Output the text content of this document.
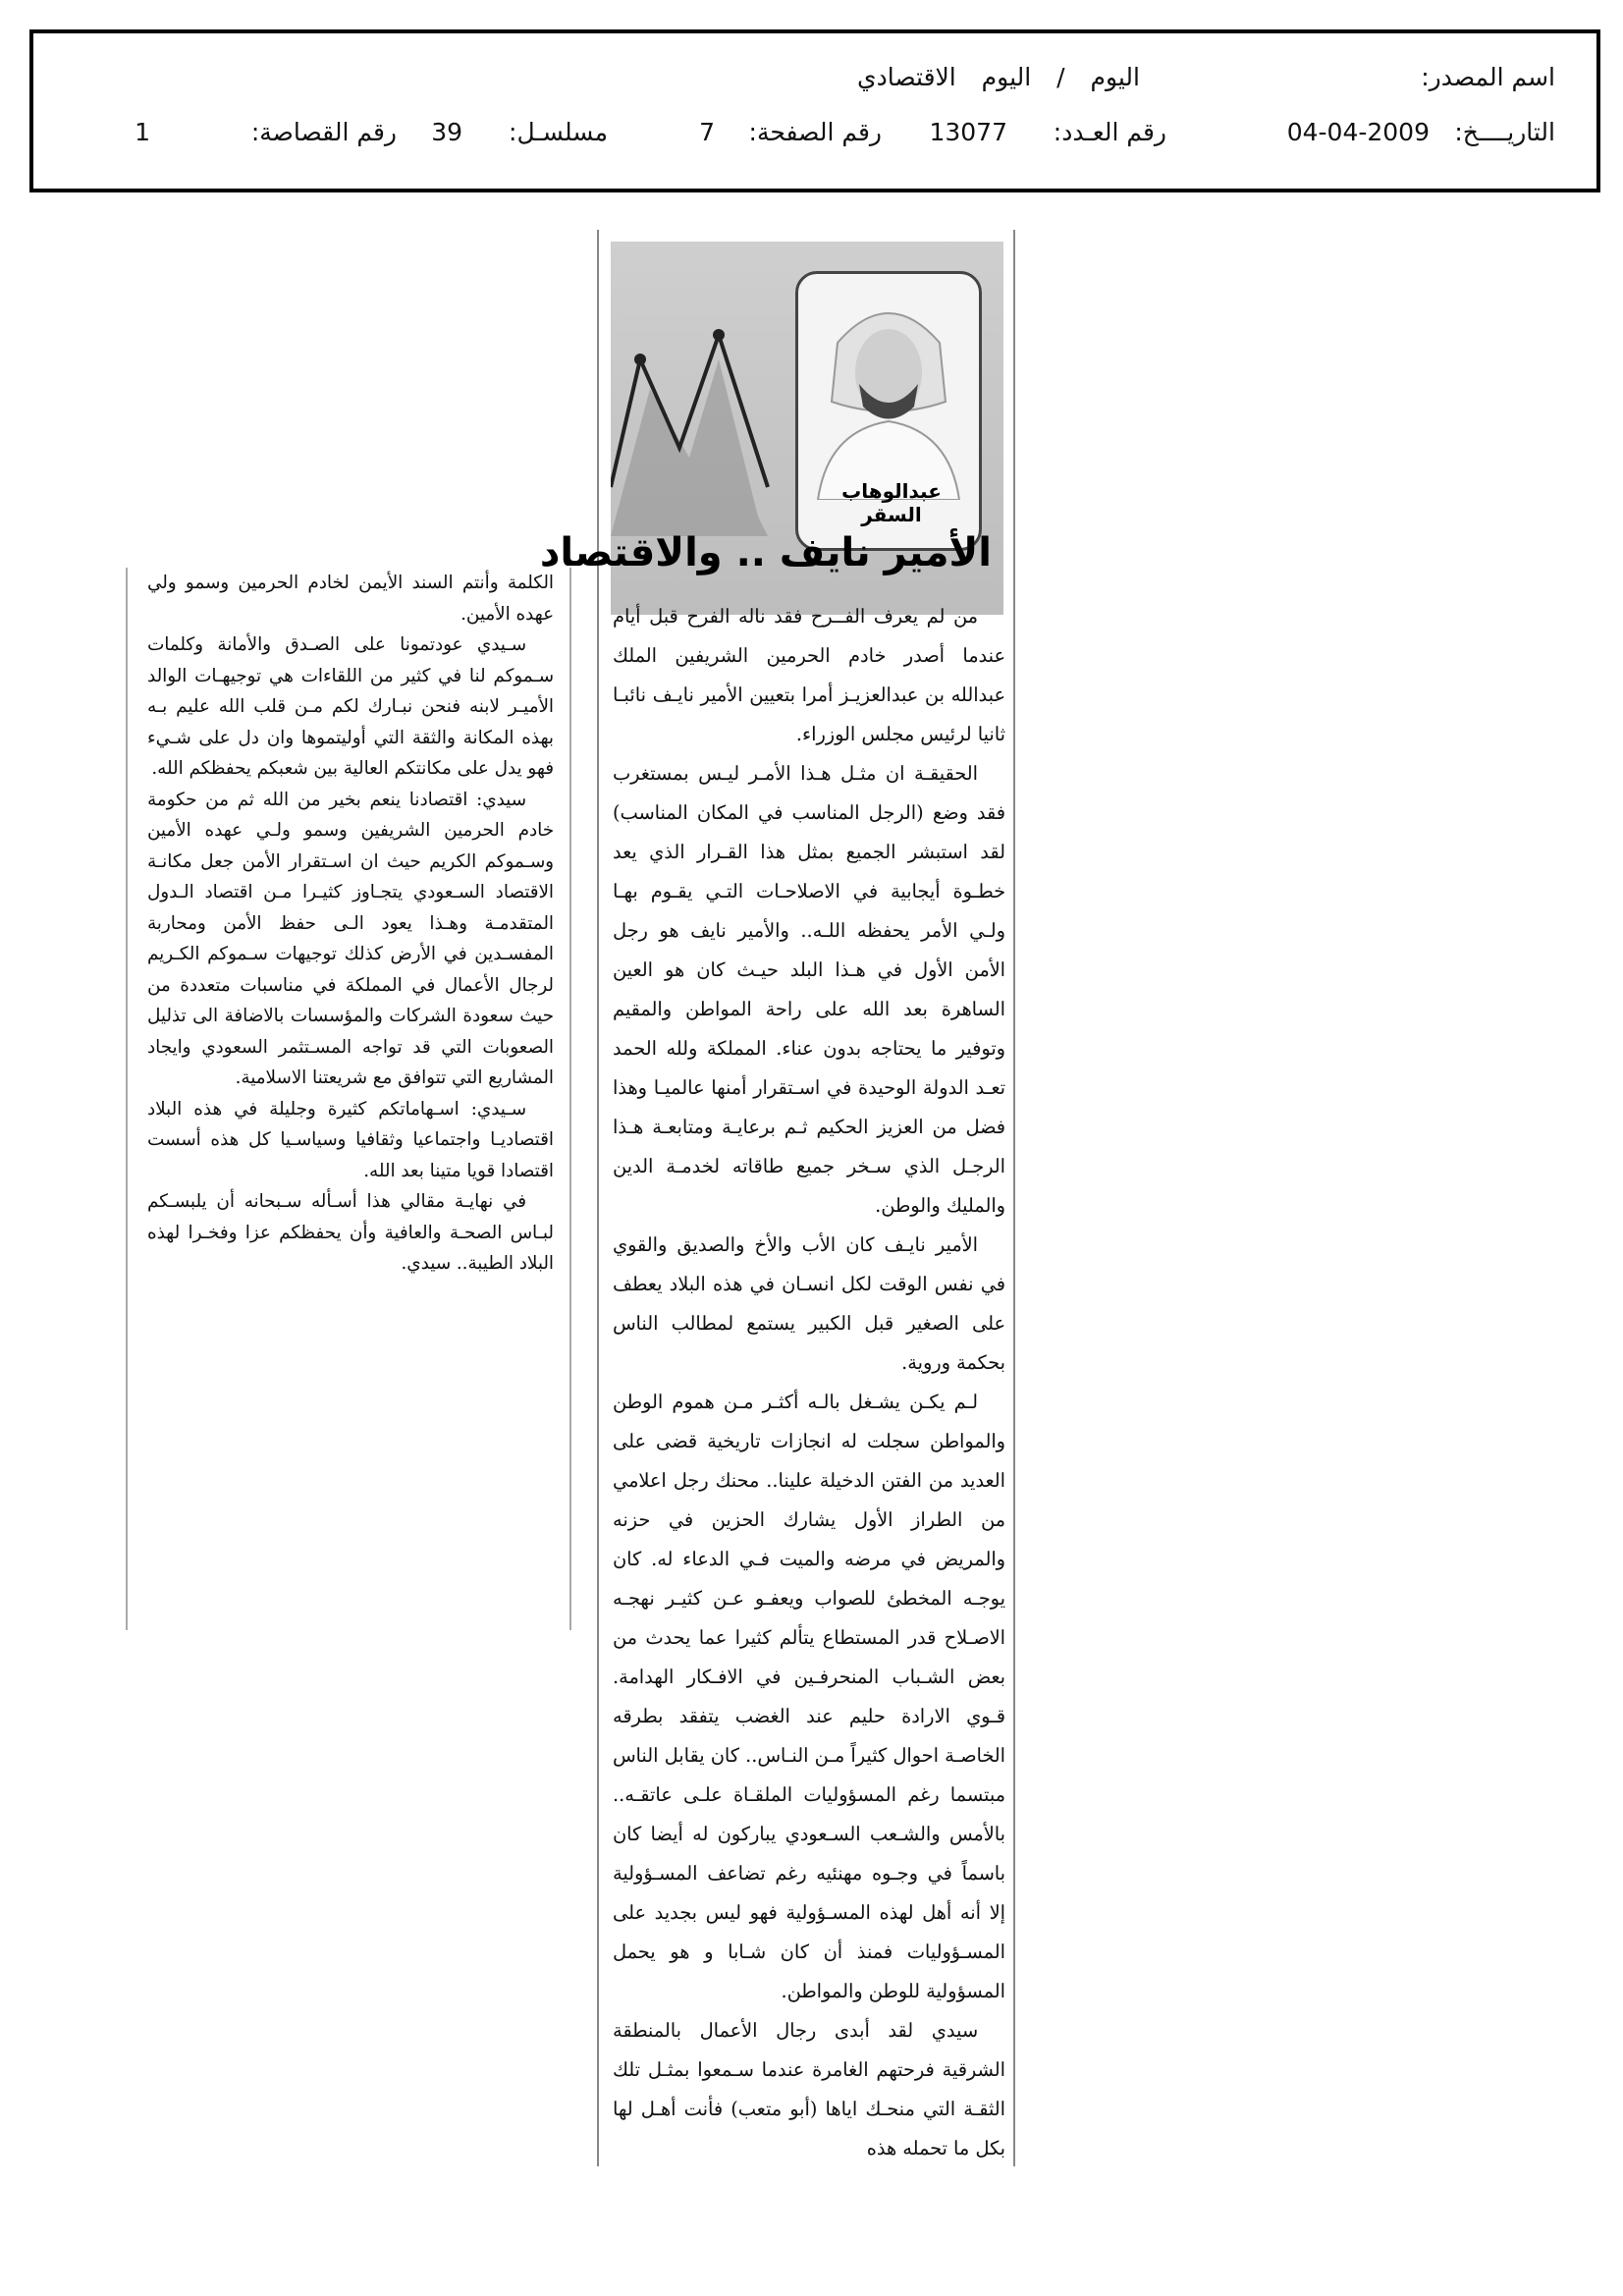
اسم المصدر:
اليوم / اليوم الاقتصادي
التاريــــخ:
04-04-2009
رقم العـدد:
13077
رقم الصفحة:
7
مسلسـل:
39
رقم القصاصة:
1
عبدالوهاب السقر
الأمير نايف .. والاقتصاد

من لم يعرف الفــرح فقد ناله الفرح قبل أيام عندما أصدر خادم الحرمين الشريفين الملك عبدالله بن عبدالعزيـز أمرا بتعيين الأمير نايـف نائبـا ثانيا لرئيس مجلس الوزراء.

الحقيقـة ان مثـل هـذا الأمـر ليـس بمستغرب فقد وضع (الرجل المناسب في المكان المناسب) لقد استبشر الجميع بمثل هذا القـرار الذي يعد خطـوة أيجابية في الاصلاحـات التـي يقـوم بهـا ولـي الأمر يحفظه اللـه.. والأمير نايف هو رجل الأمن الأول في هـذا البلد حيـث كان هو العين الساهرة بعد الله على راحة المواطن والمقيم وتوفير ما يحتاجه بدون عناء. المملكة ولله الحمد تعـد الدولة الوحيدة في اسـتقرار أمنها عالميـا وهذا فضل من العزيز الحكيم ثـم برعايـة ومتابعـة هـذا الرجـل الذي سـخر جميع طاقاته لخدمـة الدين والمليك والوطن.

الأمير نايـف كان الأب والأخ والصديق والقوي في نفس الوقت لكل انسـان في هذه البلاد يعطف على الصغير قبل الكبير يستمع لمطالب الناس بحكمة وروية.

لـم يكـن يشـغل بالـه أكثـر مـن هموم الوطن والمواطن سجلت له انجازات تاريخية قضى على العديد من الفتن الدخيلة علينا.. محنك رجل اعلامي من الطراز الأول يشارك الحزين في حزنه والمريض في مرضه والميت فـي الدعاء له. كان يوجـه المخطئ للصواب ويعفـو عـن كثيـر نهجـه الاصـلاح قدر المستطاع يتألم كثيرا عما يحدث من بعض الشـباب المنحرفـين في الافـكار الهدامة. قـوي الارادة حليم عند الغضب يتفقد بطرقه الخاصـة احوال كثيراً مـن النـاس.. كان يقابل الناس مبتسما رغم المسؤوليات الملقـاة علـى عاتقـه.. بالأمس والشـعب السـعودي يباركون له أيضا كان باسماً في وجـوه مهنئيه رغم تضاعف المسـؤولية إلا أنه أهل لهذه المسـؤولية فهو ليس بجديد على المسـؤوليات فمنذ أن كان شـابا و هو يحمل المسؤولية للوطن والمواطن.

سيدي لقد أبدى رجال الأعمال بالمنطقة الشرقية فرحتهم الغامرة عندما سـمعوا بمثـل تلك الثقـة التي منحـك اياها (أبو متعب) فأنت أهـل لها بكل ما تحمله هذه

الكلمة وأنتم السند الأيمن لخادم الحرمين وسمو ولي عهده الأمين.

سـيدي عودتمونا على الصـدق والأمانة وكلمات سـموكم لنا في كثير من اللقاءات هي توجيهـات الوالد الأميـر لابنه فنحن نبـارك لكم مـن قلب الله عليم بـه بهذه المكانة والثقة التي أوليتموها وان دل على شـيء فهو يدل على مكانتكم العالية بين شعبكم يحفظكم الله.

سيدي: اقتصادنا ينعم بخير من الله ثم من حكومة خادم الحرمين الشريفين وسمو ولـي عهده الأمين وسـموكم الكريم حيث ان اسـتقرار الأمن جعل مكانـة الاقتصاد السـعودي يتجـاوز كثيـرا مـن اقتصاد الـدول المتقدمـة وهـذا يعود الـى حفظ الأمن ومحاربة المفسـدين في الأرض كذلك توجيهات سـموكم الكـريم لرجال الأعمال في المملكة في مناسبات متعددة من حيث سعودة الشركات والمؤسسات بالاضافة الى تذليل الصعوبات التي قد تواجه المسـتثمر السعودي وايجاد المشاريع التي تتوافق مع شريعتنا الاسلامية.

سـيدي: اسـهاماتكم كثيرة وجليلة في هذه البلاد اقتصاديـا واجتماعيا وثقافيا وسياسـيا كل هذه أسست اقتصادا قويا متينا بعد الله.

في نهايـة مقالي هذا أسـأله سـبحانه أن يلبسـكم لبـاس الصحـة والعافية وأن يحفظكم عزا وفخـرا لهذه البلاد الطيبة.. سيدي.
